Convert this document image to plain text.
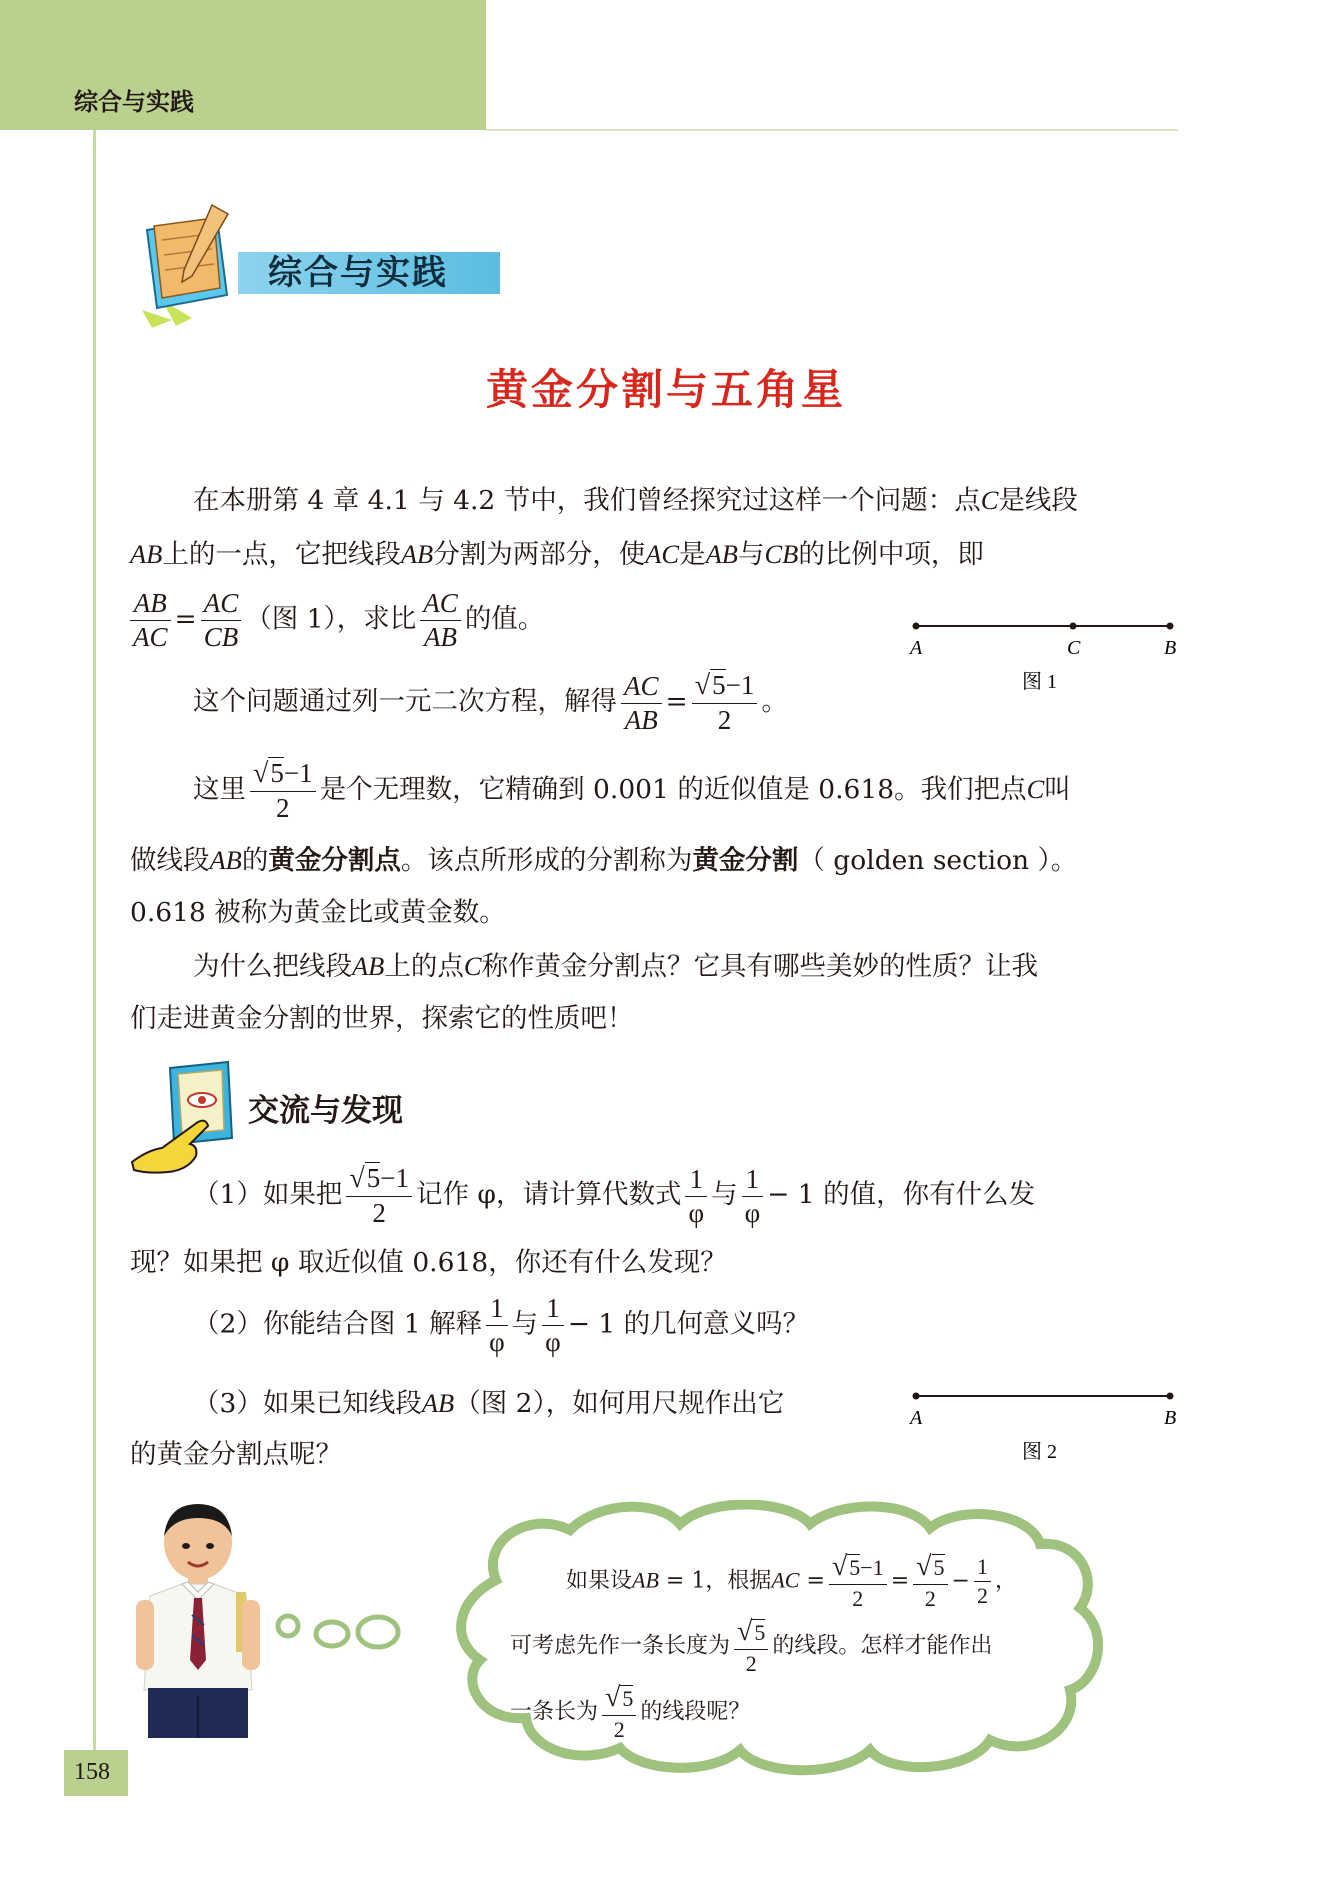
综合与实践
综合与实践
黄金分割与五角星
在本册第 4 章 4.1 与 4.2 节中，我们曾经探究过这样一个问题：点C是线段
AB上的一点，它把线段AB分割为两部分，使AC是AB与CB的比例中项，即
$\frac{AB}{AC} = \frac{AC}{CB}$ （图 1），求比 $\frac{AC}{AB}$ 的值。
A	C	B
图 1
这个问题通过列一元二次方程，解得 $\frac{AC}{AB} = \frac{√5-1}{2}$ 。
这里 $\frac{√5-1}{2}$ 是个无理数，它精确到 0.001 的近似值是 0.618。我们把点C叫
做线段AB的黄金分割点。该点所形成的分割称为黄金分割（ golden section ）。
0.618 被称为黄金比或黄金数。
为什么把线段AB上的点C称作黄金分割点？它具有哪些美妙的性质？让我
们走进黄金分割的世界，探索它的性质吧！
交流与发现
（1）如果把 $\frac{√5-1}{2}$ 记作 φ，请计算代数式 $\frac{1}{\varphi}$ 与 $\frac{1}{\varphi} - 1$ 的值，你有什么发
现？如果把 φ 取近似值 0.618，你还有什么发现？
（2）你能结合图 1 解释 $\frac{1}{\varphi}$ 与 $\frac{1}{\varphi} - 1$ 的几何意义吗？
（3）如果已知线段AB（图 2），如何用尺规作出它
的黄金分割点呢？
A	B
图 2
如果设AB = 1，根据AC = $\frac{√5-1}{2} = \frac{√5}{2} - \frac{1}{2}$ ，
可考虑先作一条长度为 $\frac{√5}{2}$ 的线段。怎样才能作出
一条长为 $\frac{√5}{2}$ 的线段呢？
158
